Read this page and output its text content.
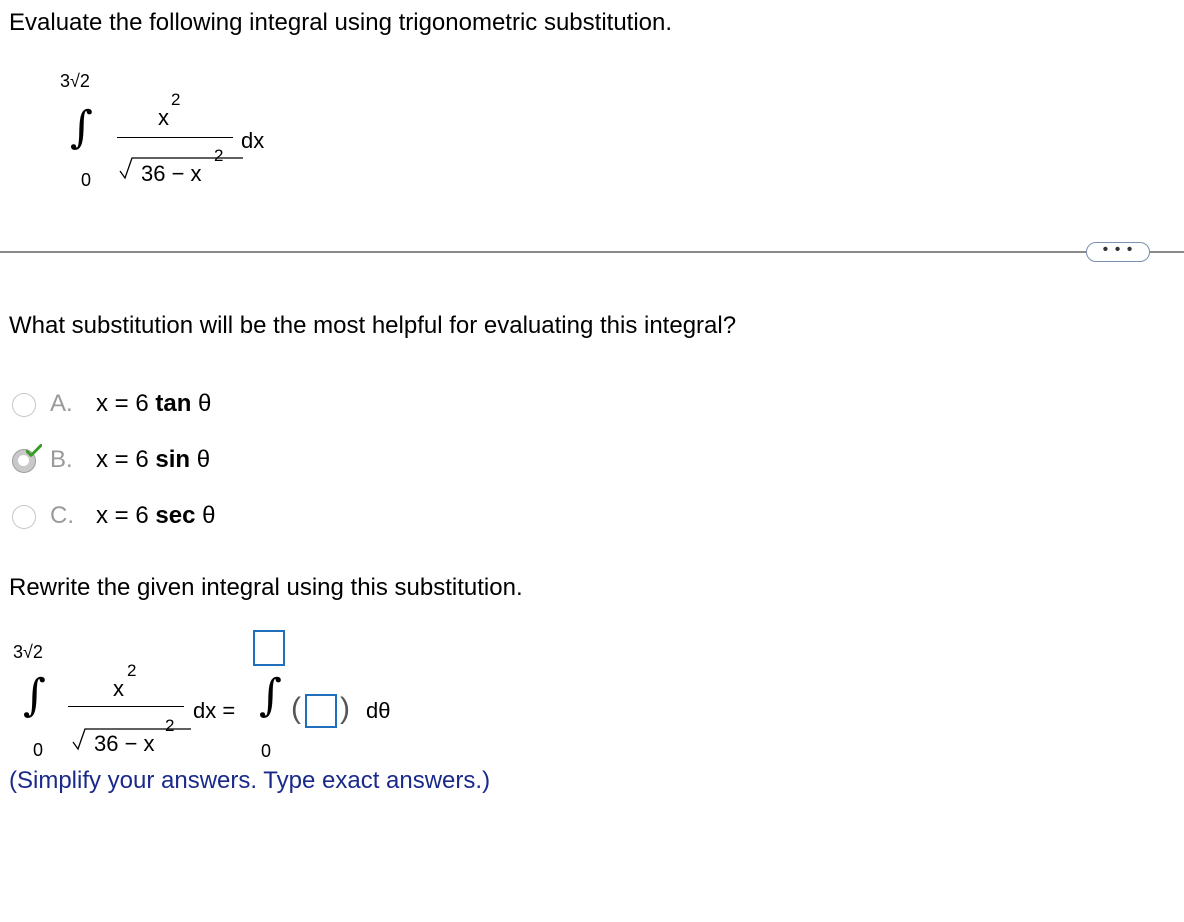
Evaluate the following integral using trigonometric substitution.
3√2
∫
0
x
2
36 − x
2
dx
• • •
What substitution will be the most helpful for evaluating this integral?
A. x = 6 tan θ
B. x = 6 sin θ
C. x = 6 sec θ
Rewrite the given integral using this substitution.
3√2
∫
0
x
2
36 − x
2
dx = ∫
0
( ) dθ
(Simplify your answers. Type exact answers.)
